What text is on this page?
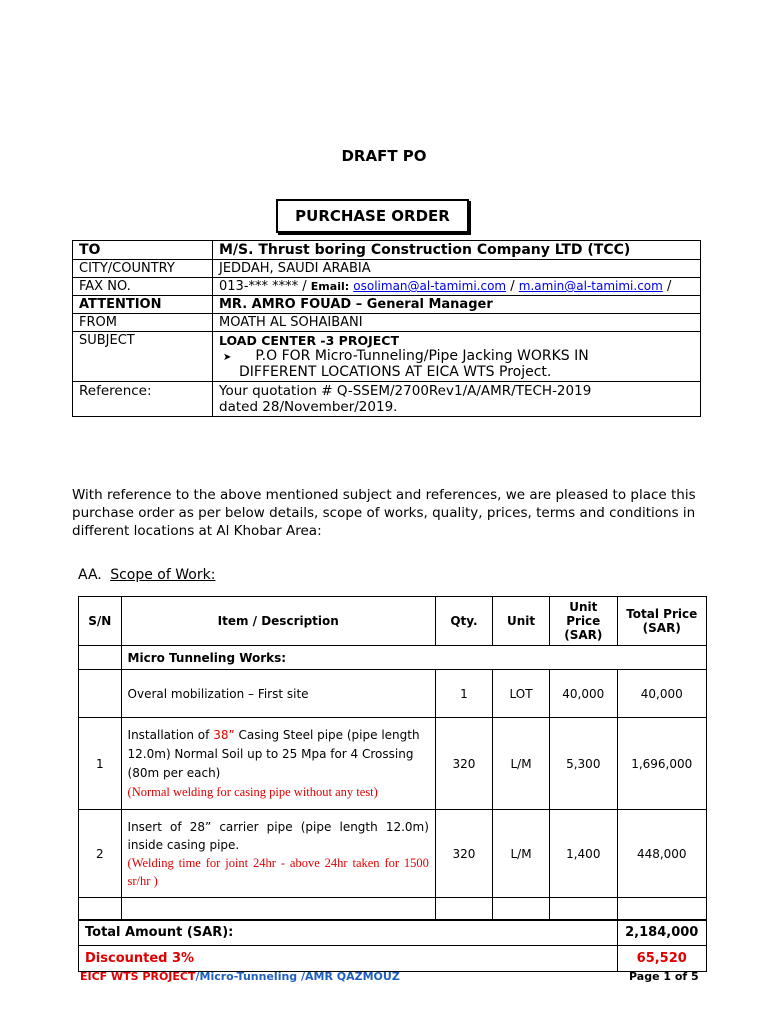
DRAFT PO
PURCHASE ORDER
TO	M/S. Thrust boring Construction Company LTD (TCC)
CITY/COUNTRY	JEDDAH, SAUDI ARABIA
FAX NO.	013-*** **** / Email: osoliman@al-tamimi.com / m.amin@al-tamimi.com /
ATTENTION	MR. AMRO FOUAD – General Manager
FROM	MOATH AL SOHAIBANI
SUBJECT	LOAD CENTER -3 PROJECT
➤ P.O FOR Micro-Tunneling/Pipe Jacking WORKS IN
DIFFERENT LOCATIONS AT EICA WTS Project.

Reference:	Your quotation # Q-SSEM/2700Rev1/A/AMR/TECH-2019
dated 28/November/2019.
With reference to the above mentioned subject and references, we are pleased to place this purchase order as per below details, scope of works, quality, prices, terms and conditions in different locations at Al Khobar Area:
AA. Scope of Work:
S/N	Item / Description	Qty.	Unit	Unit Price (SAR)	Total Price (SAR)
	Micro Tunneling Works:				
	Overal mobilization – First site	1	LOT	40,000	40,000
1	Installation of 38” Casing Steel pipe (pipe length 12.0m) Normal Soil up to 25 Mpa for 4 Crossing (80m per each)
(Normal welding for casing pipe without any test)	320	L/M	5,300	1,696,000
2	Insert of 28” carrier pipe (pipe length 12.0m) inside casing pipe.
(Welding time for joint 24hr - above 24hr taken for 1500 sr/hr )	320	L/M	1,400	448,000

Total Amount (SAR):					2,184,000
Discounted 3%					65,520
EICF WTS PROJECT/Micro-Tunneling /AMR QAZMOUZ	Page 1 of 5
